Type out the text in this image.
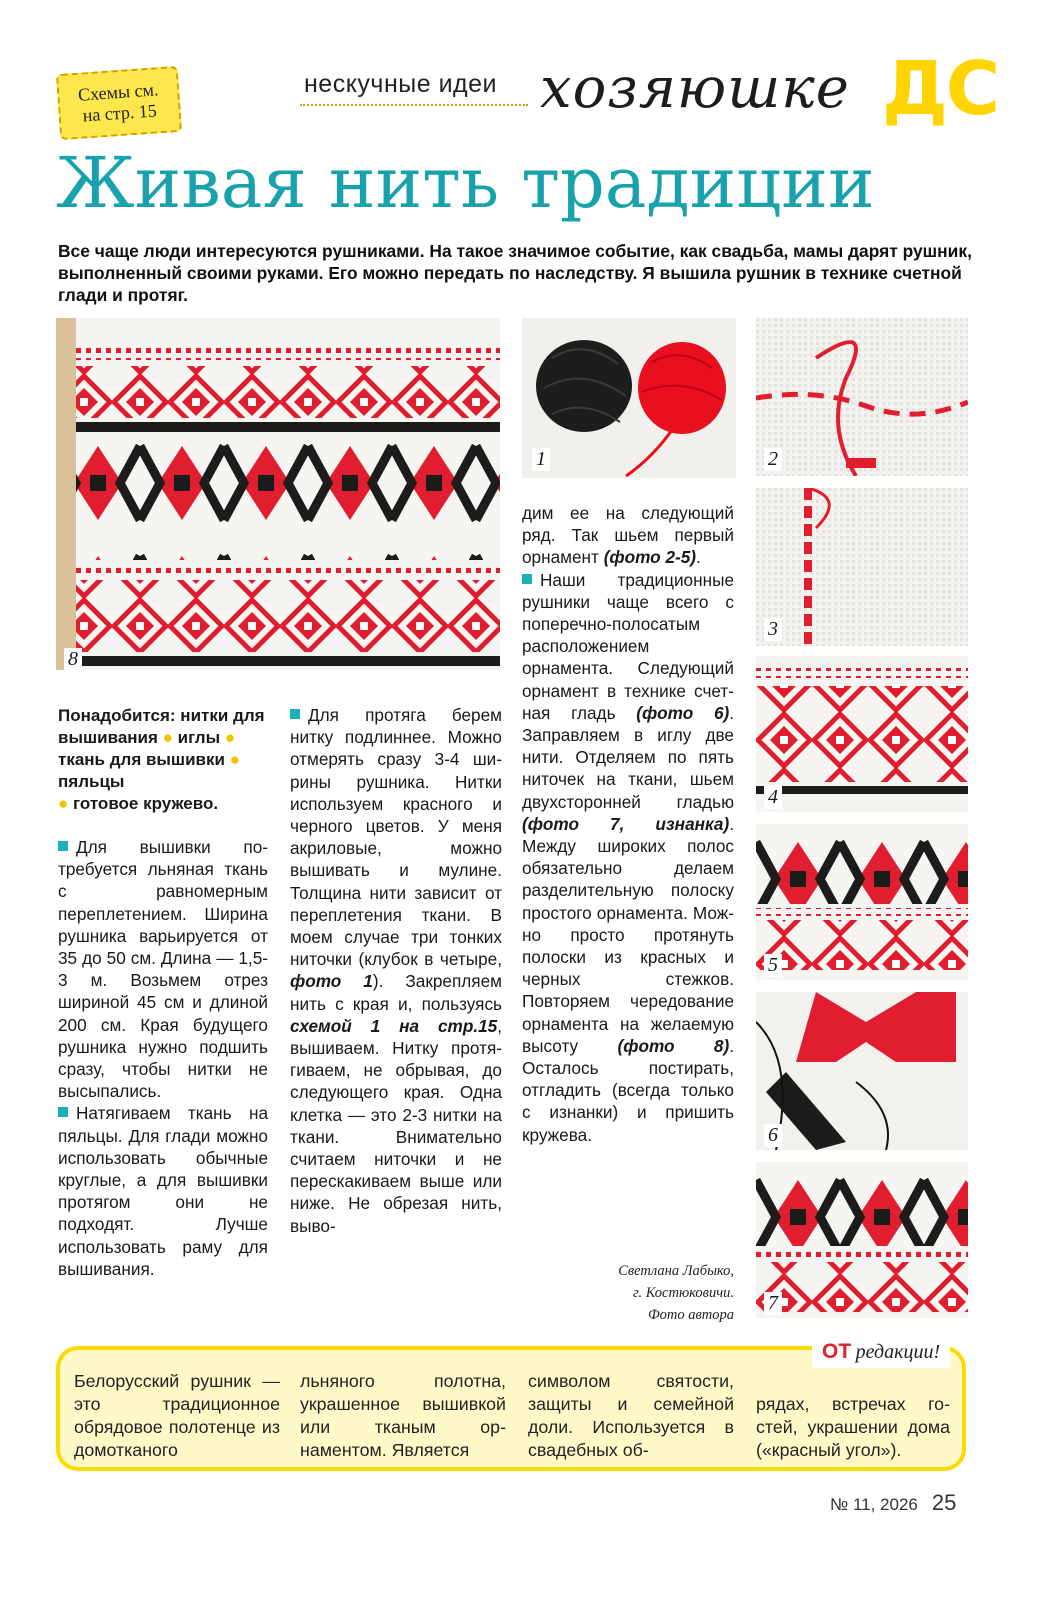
Схемы см.
на стр. 15
нескучные идеи хозяюшке ДС
Живая нить традиции
Все чаще люди интересуются рушниками. На такое значимое событие, как свадьба, мамы дарят рушник, выполненный своими руками. Его можно передать по наследству. Я вышила рушник в технике счетной глади и протяг.
8
1	2
3
4
5
6
7
Понадобится: нитки для вышивания ● иглы ● ткань для вышивки ● пяльцы
● готовое кружево.

Для вышивки потребуется льняная ткань с равномерным переплетением. Ширина рушника варьируется от 35 до 50 см. Длина — 1,5-3 м. Возьмем отрез шириной 45 см и длиной 200 см. Края будущего рушника нужно подшить сразу, чтобы нитки не высыпались.

Натягиваем ткань на пяльцы. Для глади можно использовать обычные круглые, а для вышивки протягом они не подходят. Лучше использовать раму для вышивания.

Для протяга берем нитку подлиннее. Можно отмерять сразу 3-4 ширины рушника. Нитки используем красного и черного цветов. У меня акриловые, можно вышивать и мулине. Толщина нити зависит от переплетения ткани. В моем случае три тонких ниточки (клубок в четыре, фото 1). Закрепляем нить с края и, пользуясь схемой 1 на стр.15, вышиваем. Нитку протягиваем, не обрывая, до следующего края. Одна клетка — это 2-3 нитки на ткани. Внимательно считаем ниточки и не перескакиваем выше или ниже. Не обрезая нить, выво-

дим ее на следующий ряд. Так шьем первый орнамент (фото 2-5).

Наши традиционные рушники чаще всего с поперечно-полосатым расположением орнамента. Следующий орнамент в технике счетная гладь (фото 6). Заправляем в иглу две нити. Отделяем по пять ниточек на ткани, шьем двухсторонней гладью (фото 7, изнанка). Между широких полос обязательно делаем разделительную полоску простого орнамента. Можно просто протянуть полоски из красных и черных стежков. Повторяем чередование орнамента на желаемую высоту (фото 8). Осталось постирать, отгладить (всегда только с изнанки) и пришить кружева.

Светлана Лабыко,
г. Костюковичи.
Фото автора
ОТ редакции!
Белорусский рушник — это традиционное обрядовое полотенце из домотканого
льняного полотна, украшенное вышивкой или тканым орнаментом. Является
символом святости, защиты и семейной доли. Используется в свадебных об-
рядах, встречах гостей, украшении дома («красный угол»).
№ 11, 2026 25
